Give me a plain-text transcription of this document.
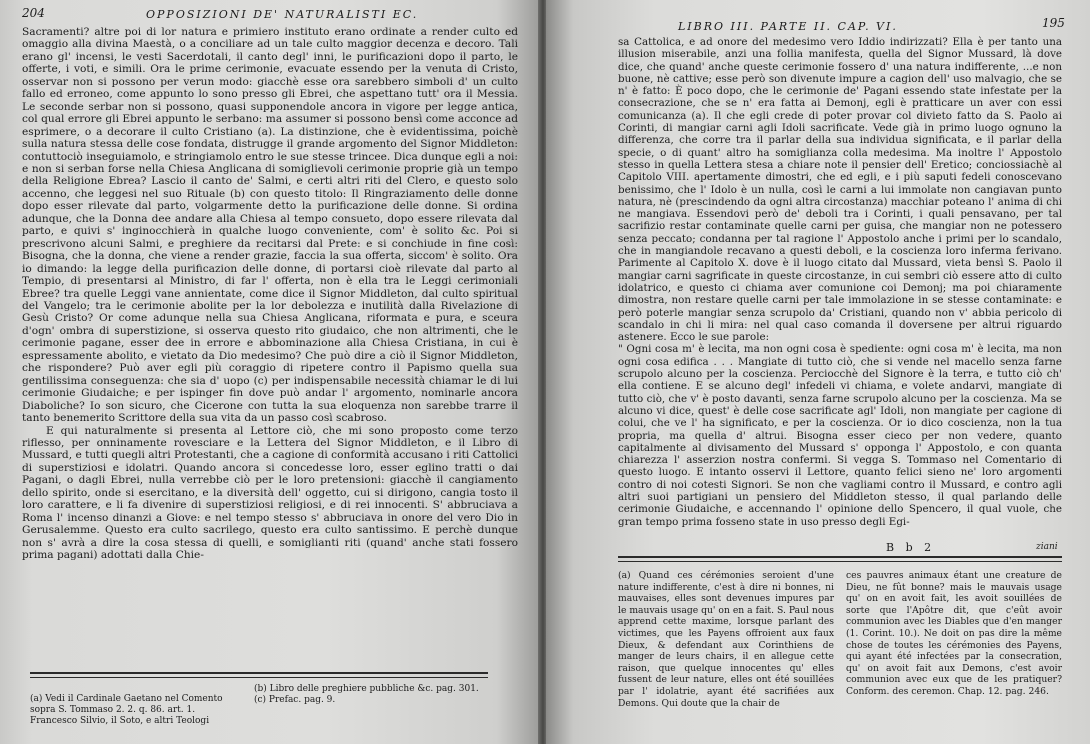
204	OPPOSIZIONI DE' NATURALISTI EC.

Sacramenti? altre poi di lor natura e primiero instituto erano ordinate a render culto ed omaggio alla divina Maestà, o a conciliare ad un tale culto maggior decenza e decoro. Tali erano gl' incensi, le vesti Sacerdotali, il canto degl' inni, le purificazioni dopo il parto, le offerte, i voti, e simili. Ora le prime cerimonie, evacuate essendo per la venuta di Cristo, osservar non si possono per verun modo: giacchè esse ora sarebbero simboli d' un culto fallo ed erroneo, come appunto lo sono presso gli Ebrei, che aspettano tutt' ora il Messia. Le seconde serbar non si possono, quasi supponendole ancora in vigore per legge antica, col qual errore gli Ebrei appunto le serbano: ma assumer si possono bensì come acconce ad esprimere, o a decorare il culto Cristiano (a). La distinzione, che è evidentissima, poichè sulla natura stessa delle cose fondata, distrugge il grande argomento del Signor Middleton: contuttociò inseguiamolo, e stringiamolo entro le sue stesse trincee. Dica dunque egli a noi: e non si serban forse nella Chiesa Anglicana di somiglievoli cerimonie proprie già un tempo della Religione Ebrea? Lascio il canto de' Salmi, e certi altri riti del Clero, e questo solo accenno, che leggesi nel suo Rituale (b) con questo titolo: Il Ringraziamento delle donne dopo esser rilevate dal parto, volgarmente detto la purificazione delle donne. Si ordina adunque, che la Donna dee andare alla Chiesa al tempo consueto, dopo essere rilevata dal parto, e quivi s' inginocchierà in qualche luogo conveniente, com' è solito &c. Poi si prescrivono alcuni Salmi, e preghiere da recitarsi dal Prete: e si conchiude in fine così: Bisogna, che la donna, che viene a render grazie, faccia la sua offerta, siccom' è solito. Ora io dimando: la legge della purificazion delle donne, di portarsi cioè rilevate dal parto al Tempio, di presentarsi al Ministro, di far l' offerta, non è ella tra le Leggi cerimoniali Ebree? tra quelle Leggi vane annientate, come dice il Signor Middleton, dal culto spiritual del Vangelo; tra le cerimonie abolite per la lor debolezza e inutilità dalla Rivelazione di Gesù Cristo? Or come adunque nella sua Chiesa Anglicana, riformata e pura, e sceura d'ogn' ombra di superstizione, si osserva questo rito giudaico, che non altrimenti, che le cerimonie pagane, esser dee in errore e abbominazione alla Chiesa Cristiana, in cui è espressamente abolito, e vietato da Dio medesimo? Che può dire a ciò il Signor Middleton, che rispondere? Può aver egli più coraggio di ripetere contro il Papismo quella sua gentilissima conseguenza: che sia d' uopo (c) per indispensabile necessità chiamar le di lui cerimonie Giudaiche; e per ispinger fin dove può andar l' argomento, nominarle ancora Diaboliche? Io son sicuro, che Cicerone con tutta la sua eloquenza non sarebbe trarre il tanto benemerito Scrittore della sua vita da un passo così scabroso.

E qui naturalmente si presenta al Lettore ciò, che mi sono proposto come terzo riflesso, per onninamente rovesciare e la Lettera del Signor Middleton, e il Libro di Mussard, e tutti quegli altri Protestanti, che a cagione di conformità accusano i riti Cattolici di superstiziosi e idolatri. Quando ancora si concedesse loro, esser eglino tratti o dai Pagani, o dagli Ebrei, nulla verrebbe ciò per le loro pretensioni: giacchè il cangiamento dello spirito, onde si esercitano, e la diversità dell' oggetto, cui si dirigono, cangia tosto il loro carattere, e li fa divenire di superstiziosi religiosi, e di rei innocenti. S' abbruciava a Roma l' incenso dinanzi a Giove: e nel tempo stesso s' abbruciava in onore del vero Dio in Gerusalemme. Questo era culto sacrilego, questo era culto santissimo. E perchè dunque non s' avrà a dire la cosa stessa di quelli, e somiglianti riti (quand' anche stati fossero prima pagani) adottati dalla Chie-

(a) Vedi il Cardinale Gaetano nel Comento sopra S. Tommaso 2. 2. q. 86. art. 1. Francesco Silvio, il Soto, e altri Teologi

(b) Libro delle preghiere pubbliche &c. pag. 301.

(c) Prefac. pag. 9.

LIBRO III. PARTE II. CAP. VI.	195

sa Cattolica, e ad onore del medesimo vero Iddio indirizzati? Ella è per tanto una illusion miserabile, anzi una follia manifesta, quella del Signor Mussard, là dove dice, che quand' anche queste cerimonie fossero d' una natura indifferente, ...e non buone, nè cattive; esse però son divenute impure a cagion dell' uso malvagio, che se n' è fatto: È poco dopo, che le cerimonie de' Pagani essendo state infestate per la consecrazione, che se n' era fatta ai Demonj, egli è pratticare un aver con essi comunicanza (a). Il che egli crede di poter provar col divieto fatto da S. Paolo ai Corinti, di mangiar carni agli Idoli sacrificate. Vede già in primo luogo ognuno la differenza, che corre tra il parlar della sua individua significata, e il parlar della specie, o di quant' altro ha somiglianza colla medesima. Ma inoltre l' Appostolo stesso in quella Lettera stesa a chiare note il pensier dell' Eretico; conciossiachè al Capitolo VIII. apertamente dimostri, che ed egli, e i più saputi fedeli conoscevano benissimo, che l' Idolo è un nulla, così le carni a lui immolate non cangiavan punto natura, nè (prescindendo da ogni altra circostanza) macchiar poteano l' anima di chi ne mangiava. Essendovi però de' deboli tra i Corinti, i quali pensavano, per tal sacrifizio restar contaminate quelle carni per guisa, che mangiar non ne potessero senza peccato; condanna per tal ragione l' Appostolo anche i primi per lo scandalo, che in mangiandole recavano a questi deboli, e la coscienza loro inferma ferivano. Parimente al Capitolo X. dove è il luogo citato dal Mussard, vieta bensì S. Paolo il mangiar carni sagrificate in queste circostanze, in cui sembri ciò essere atto di culto idolatrico, e questo ci chiama aver comunione coi Demonj; ma poi chiaramente dimostra, non restare quelle carni per tale immolazione in se stesse contaminate: e però poterle mangiar senza scrupolo da' Cristiani, quando non v' abbia pericolo di scandalo in chi li mira: nel qual caso comanda il doversene per altrui riguardo astenere. Ecco le sue parole:

" Ogni cosa m' è lecita, ma non ogni cosa è spediente: ogni cosa m' è lecita, ma non ogni cosa edifica . . . Mangiate di tutto ciò, che si vende nel macello senza farne scrupolo alcuno per la coscienza. Perciocchè del Signore è la terra, e tutto ciò ch' ella contiene. E se alcuno degl' infedeli vi chiama, e volete andarvi, mangiate di tutto ciò, che v' è posto davanti, senza farne scrupolo alcuno per la coscienza. Ma se alcuno vi dice, quest' è delle cose sacrificate agl' Idoli, non mangiate per cagione di colui, che ve l' ha significato, e per la coscienza. Or io dico coscienza, non la tua propria, ma quella d' altrui. Bisogna esser cieco per non vedere, quanto capitalmente al divisamento del Mussard s' opponga l' Appostolo, e con quanta chiarezza l' asserzion nostra confermi. Si vegga S. Tommaso nel Comentario di questo luogo. E intanto osservi il Lettore, quanto felici sieno ne' loro argomenti contro di noi cotesti Signori. Se non che vagliami contro il Mussard, e contro agli altri suoi partigiani un pensiero del Middleton stesso, il qual parlando delle cerimonie Giudaiche, e accennando l' opinione dello Spencero, il qual vuole, che gran tempo prima fosseno state in uso presso degli Egi-

B b 2	ziani
(a) Quand ces cérémonies seroient d'une nature indifferente, c'est à dire ni bonnes, ni mauvaises, elles sont devenues impures par le mauvais usage qu' on en a fait. S. Paul nous apprend cette maxime, lorsque parlant des victimes, que les Payens offroient aux faux Dieux, & defendant aux Corinthiens de manger de leurs chairs, il en allegue cette raison, que quelque innocentes qu' elles fussent de leur nature, elles ont été souillées par l' idolatrie, ayant été sacrifiées aux Demons. Qui doute que la chair de
ces pauvres animaux étant une creature de Dieu, ne fût bonne? mais le mauvais usage qu' on en avoit fait, les avoit souillées de sorte que l'Apôtre dit, que c'eût avoir communion avec les Diables que d'en manger (1. Corint. 10.). Ne doit on pas dire la même chose de toutes les cérémonies des Payens, qui ayant été infectées par la consecration, qu' on avoit fait aux Demons, c'est avoir communion avec eux que de les pratiquer? Conform. des ceremon. Chap. 12. pag. 246.
